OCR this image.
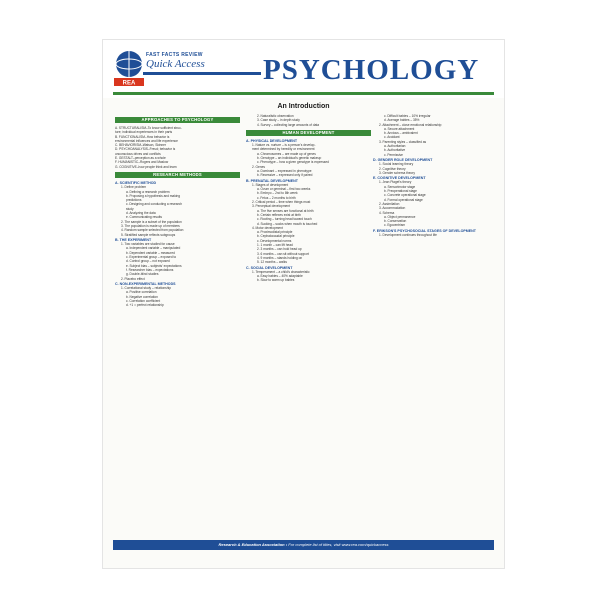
REA
FAST FACTS REVIEW
Quick Access PSYCHOLOGY
An Introduction
APPROACHES TO PSYCHOLOGY
A. STRUCTURALISM–To know sufficient struc-
ture; individual experiences in their parts
B. FUNCTIONALISM–How behavior is
environmental influences and life experience
C. BEHAVIORISM–Watson, Skinner
D. PSYCHOANALYSIS–Freud; behavior is
unconscious drives and conflicts
E. GESTALT–perception as a whole
F. HUMANISTIC–Rogers and Maslow
G. COGNITIVE–how people think and learn
RESEARCH METHODS
A. SCIENTIFIC METHOD
1. Define problem
a. Defining a research problem
b. Proposing a hypothesis and making
predictions
c. Designing and conducting a research
study
d. Analyzing the data
e. Communicating results
2. The sample is a subset of the population
3. The population is made up of members
4. Random sample selected from population
5. Stratified sample reflects subgroups
B. THE EXPERIMENT
1. Two variables are studied for cause
a. Independent variable – manipulated
b. Dependent variable – measured
c. Experimental group – exposed to
d. Control group – not exposed
e. Subject bias – subjects' expectations
f. Researcher bias – expectations
g. Double-blind studies
2. Placebo effect
C. NON-EXPERIMENTAL METHODS
1. Correlational study – relationship
a. Positive correlation
b. Negative correlation
c. Correlation coefficient
d. +1 = perfect relationship
2. Naturalistic observation
3. Case study – in depth study
4. Survey – collecting large amounts of data
HUMAN DEVELOPMENT
A. PHYSICAL DEVELOPMENT
1. Nature vs. nurture – is a person's develop-
ment determined by heredity or environment
a. Chromosomes – are made up of genes
b. Genotype – an individual's genetic makeup
c. Phenotype – how a given genotype is expressed
2. Genes
a. Dominant – expressed in phenotype
b. Recessive – expressed only if paired
B. PRENATAL DEVELOPMENT
1. Stages of development
a. Ovum or germinal – first two weeks
b. Embryo – 2nd to 8th week
c. Fetus – 2 months to birth
2. Critical period – time when things must
3. Perceptual development
a. The five senses are functional at birth
b. Certain reflexes exist at birth
c. Rooting – turning head toward touch
d. Sucking – sucks when mouth is touched
4. Motor development
a. Proximodistal principle
b. Cephalocaudal principle
c. Developmental norms
1. 1 month – can lift head
2. 3 months – can hold head up
3. 6 months – can sit without support
4. 9 months – stands holding on
5. 12 months – walks
C. SOCIAL DEVELOPMENT
1. Temperament – a child's characteristic
a. Easy babies – 40% adaptable
b. Slow to warm up babies
c. Difficult babies – 10% irregular
d. Average babies – 35%
2. Attachment – close emotional relationship
a. Secure attachment
b. Anxious – ambivalent
c. Avoidant
3. Parenting styles – classified as
a. Authoritarian
b. Authoritative
c. Permissive
D. GENDER ROLE DEVELOPMENT
1. Social learning theory
2. Cognitive theory
3. Gender schema theory
E. COGNITIVE DEVELOPMENT
1. Jean Piaget's theory
a. Sensorimotor stage
b. Preoperational stage
c. Concrete operational stage
d. Formal operational stage
2. Assimilation
3. Accommodation
4. Schema
a. Object permanence
b. Conservation
c. Egocentrism
F. ERIKSON'S PSYCHOSOCIAL STAGES OF DEVELOPMENT
1. Development continues throughout life
Research & Education Association • For complete list of titles, visit www.rea.com/quickaccess
